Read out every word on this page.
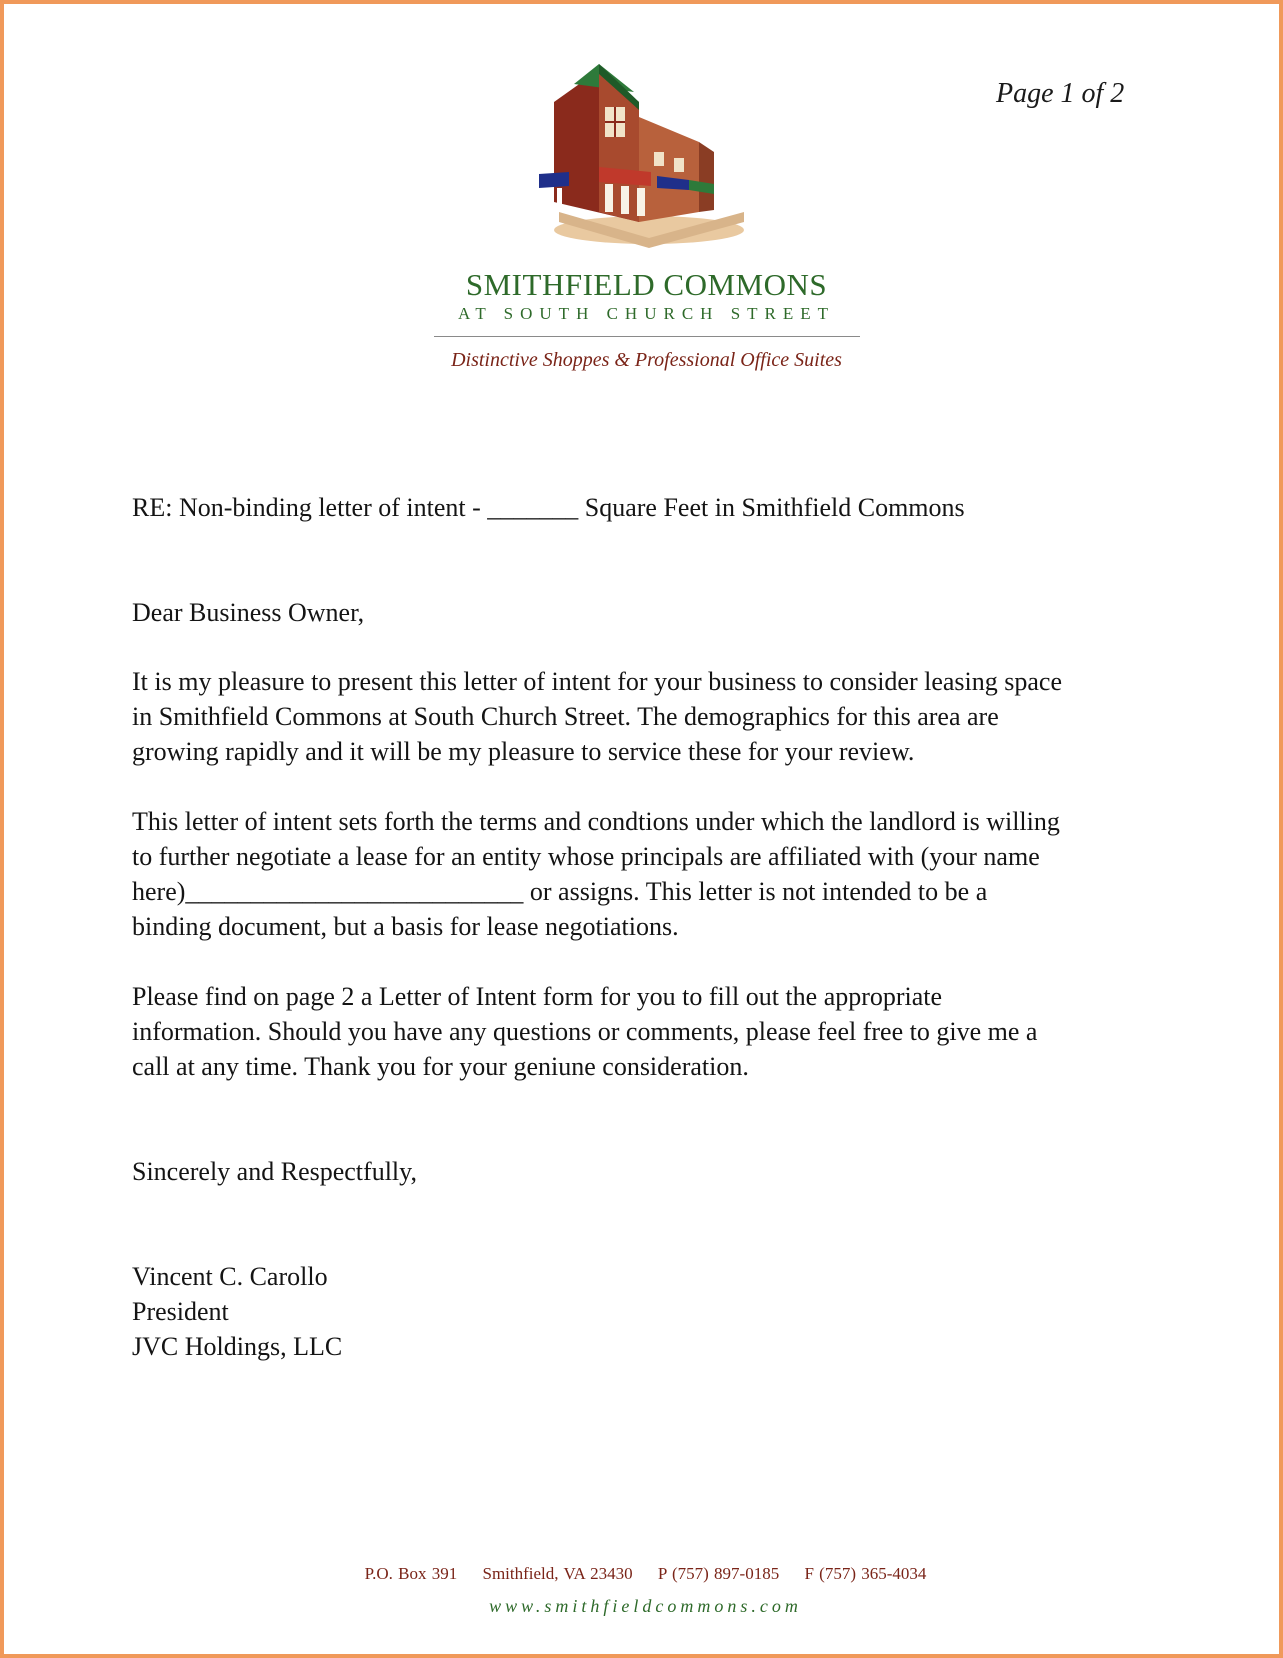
Page 1 of 2
SMITHFIELD COMMONS
AT SOUTH CHURCH STREET
Distinctive Shoppes & Professional Office Suites
RE: Non-binding letter of intent - _______ Square Feet in Smithfield Commons
Dear Business Owner,
It is my pleasure to present this letter of intent for your business to consider leasing space
in Smithfield Commons at South Church Street. The demographics for this area are
growing rapidly and it will be my pleasure to service these for your review.
This letter of intent sets forth the terms and condtions under which the landlord is willing
to further negotiate a lease for an entity whose principals are affiliated with (your name
here)__________________________ or assigns. This letter is not intended to be a
binding document, but a basis for lease negotiations.
Please find on page 2 a Letter of Intent form for you to fill out the appropriate
information. Should you have any questions or comments, please feel free to give me a
call at any time. Thank you for your geniune consideration.
Sincerely and Respectfully,
Vincent C. Carollo
President
JVC Holdings, LLC
P.O. Box 391 Smithfield, VA 23430 P (757) 897-0185 F (757) 365-4034
www.smithfieldcommons.com
